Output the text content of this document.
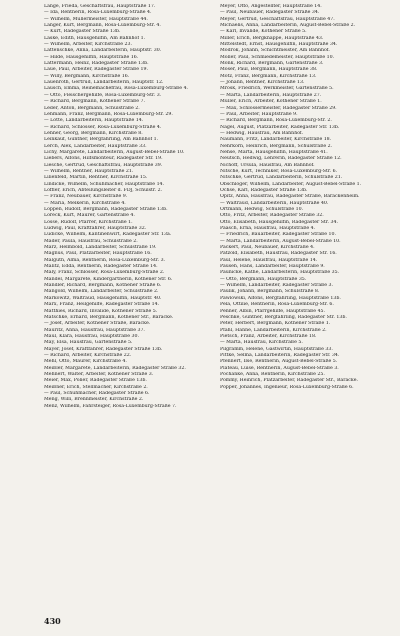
Lange, Frieda, Geschäftsfrau, Hauptstraße 17.
— Ida, Rentnerin, Rosa-Luxemburg-Straße 4.
— Wilhelm, Müllermeister, Hauptstraße 44.
Langer, Kurt, Bergmann, Rosa-Luxemburg-Str. 4.
— Kurt, Radegaster Straße 13b.
Laske, Edith, Hausgehilfin, Am Bahnhof 1.
— Wilhelm, Arbeiter, Kirchstraße 23.
Lattenschke, Anna, Landarbeiterin, Hauptstr. 30.
— Hilde, Hausgehilfin, Hauptstraße 16.
Lattermann, Heinz, Radegaster Straße 13b.
Laue, Paul, Arbeiter, Radegaster Straße 19.
— Willy, Bergmann, Kirchstraße 16.
Lauenroth, Gertrud, Landarbeiterin, Hauptstr. 12.
Lausch, Emma, Reinemachefrau, Rosa-Luxemburg-Straße 4.
— Otto, Fleischergehilfe, Rosa-Luxemburg-Str. 3.
— Richard, Bergmann, Köthener Straße 7.
Leder, Anton, Bergmann, Schulstraße 2.
Lehmann, Franz, Bergmann, Rosa-Luxemburg-Str. 29.
— Lotte, Landarbeiterin, Hauptstraße 14.
— Richard, Schlosser, Rosa-Luxemburg-Straße 4.
Lehner, Georg, Bergmann, Kirchstraße 8.
Leinkauf, Günther, Bergfahrling, Am Bahnhof 1.
Lerch, Alex, Landarbeiter, Hauptstraße 33.
Lichy, Margarete, Landarbeiterin, August-Bebel-Straße 10.
Liebers, Alfons, Hilfsmonteur, Radegaster Str. 19.
Liesche, Gertrud, Geschäftsfrau, Hauptstraße 39.
— Wilhelm, Rentner, Hauptstraße 21.
Lilienfeld, Martin, Rentner, Kirchstraße 15.
Lindicke, Wilhelm, Schuhmacher, Hauptstraße 14.
Löffler, Erich, Abteilungsleiter d. FDJ, Schulstr. 2.
— Franz, Neubauer, Kirchstraße 9.
— Maria, Melkerin, Kirchstraße 4.
Löppen, Rudolf, Bergmann, Radegaster Straße 13b.
Loreck, Kurt, Maurer, Gartenstraße 4.
Losse, Rudolf, Pfarrer, Kirchstraße 1.
Ludwig, Paul, Kraftfahrer, Hauptstraße 32.
Lüdicke, Wilhelm, Kantinenwirt, Radegaster Str. 13a.
Mader, Paula, Hausfrau, Schulstraße 2.
März, Helmbold, Landarbeiter, Schulstraße 19.
Magnus, Paul, Platzarbeiter, Hauptstraße 16.
Malguth, Alma, Rentnerin, Rosa-Luxemburg-Str. 3.
Malitz, Edda, Rentnerin, Radegaster Straße 14.
Maly, Franz, Schlosser, Rosa-Luxemburg-Straße 2.
Mandel, Margarete, Kindergärtnerin, Köthener Str. 6.
Mandler, Richard, Bergmann, Köthener Straße 6.
Mangold, Wilhelm, Landarbeiter, Schulstraße 2.
Markowitz, Waltraud, Hausgehilfin, Hauptstr. 40.
Marx, Franz, Heilgehilfe, Radegaster Straße 14.
Matthies, Richard, Invalide, Köthener Straße 5.
Matschke, Erhard, Bergmann, Köthener Str., Baracke.
— Josef, Arbeiter, Köthener Straße, Baracke.
Mauritz, Anna, Hausfrau, Hauptstraße 37.
Maul, Klara, Hausfrau, Hauptstraße 30.
May, Elsa, Hausfrau, Gartenstraße 5.
Mayer, Josef, Kraftfahrer, Radegaster Straße 13b.
— Richard, Arbeiter, Kirchstraße 22.
Mehl, Otto, Maurer, Kirchstraße 4.
Meißler, Margarete, Landarbeiterin, Radegaster Straße 32.
Mehnert, Walter, Arbeiter, Köthener Straße 3.
Meier, Max, Polier, Radegaster Straße 13b.
Meißner, Erich, Stellmacher, Kirchstraße 2.
— Paul, Schuhmacher, Radegaster Straße 6.
Meng, Willi, Brennmeister, Kirchstraße 2.
Menz, Wilhelm, Fahrsteiger, Rosa-Luxemburg-Straße 7.
Meyer, Otto, Angestellter, Hauptstraße 14.
— Paul, Neubauer, Radegaster Straße 34.
Meyer, Gertrud, Geschäftsfrau, Hauptstraße 47.
Michaelis, Anna, Landarbeiterin, August-Bebel-Straße 2.
— Karl, Invalide, Köthener Straße 5.
Miller, Erich, Bergknappe, Hauptstraße 43.
Mittelstedt, Ernst, Hausgehilfin, Hauptstraße 34.
Modrok, Johann, Schichtmeister, Am Bahnhof.
Möller, Paul, Schmiedemeister, Hauptstraße 10.
Monk, Richard, Bergmann, Gartenstraße 3.
Moser, Paul, Bergmann, Hauptstraße 38.
Motz, Franz, Bergmann, Kirchstraße 13.
— Johann, Rentner, Kirchstraße 13.
Mrosk, Friedrich, Werkmeister, Gartenstraße 5.
— Marta, Landarbeiterin, Hauptstraße 27.
Müller, Erich, Arbeiter, Köthener Straße 1.
— Max, Schlossermeister, Radegaster Straße 29.
— Paul, Arbeiter, Hauptstraße 9.
— Richard, Bergmann, Rosa-Luxemburg-Str. 2.
Nagel, August, Platzarbeiter, Radegaster Str. 13b.
— Hedwig, Hausfrau, Am Bahnhof.
Naumann, Fritz, Landarbeiter, Kirchstraße 18.
Nehrkorn, Heinrich, Bergmann, Schulstraße 2.
Nehse, Marta, Hausgehilfin, Hauptstraße 41.
Neutsch, Hedwig, Lehrerin, Radegaster Straße 12.
Nichoff, Ursula, Hausfrau, Am Bahnhof.
Nitsche, Kurt, Techniker, Rosa-Luxemburg-Str. 6.
Nitschke, Gertrud, Landarbeiterin, Schulstraße 21.
Obschlöger, Wilhelm, Landarbeiter, August-Bebel-Straße 1.
Ochse, Karl, Radegaster Straße 13b.
Opitz, Anna, Hausfrau, Radegaster Straße, Barackenheim.
— Waltraud, Landarbeiterin, Hauptstraße 40.
Ortmann, Hedwig, Schulstraße 10.
Otto, Fritz, Arbeiter, Radegaster Straße 32.
Otto, Elisabeth, Hausgehilfin, Radegaster Str. 34.
Paasch, Erna, Hausfrau, Hauptstraße 4.
— Friedrich, Bauarbeiter, Radegaster Straße 10.
— Marta, Landarbeiterin, August-Bebel-Straße 10.
Packert, Paul, Neubauer, Kirchstraße 4.
Patzold, Elisabeth, Hausfrau, Radegaster Str. 16.
Paul, Helene, Hausfrau, Hauptstraße 14.
Pauseh, Hans, Landarbeiter, Hauptstraße 9.
Paunicke, Käthe, Landarbeiterin, Hauptstraße 35.
— Otto, Bergmann, Hauptstraße 35.
— Wilhelm, Landarbeiter, Radegaster Straße 3.
Paulik, Johann, Bergmann, Schulstraße 8.
Pawlowski, Alfons, Bergfahrling, Hauptstraße 13b.
Pela, Ottilie, Rentnerin, Rosa-Luxemburg-Str. 6.
Penner, Albin, Pfarrgehilfe, Hauptstraße 45.
Peschke, Günther, Bergfahrling, Radegaster Str. 13b.
Peter, Herbert, Bergmann, Köthener Straße 1.
Pfahl, Hanne, Landarbeiterin, Kirchstraße 2.
Pietsch, Franz, Arbeiter, Kirchstraße 18.
— Marta, Hausfrau, Kirchstraße 5.
Pilgramm, Helene, Gastwirtin, Hauptstraße 33.
Pittke, Selma, Landarbeiterin, Radegaster Str. 34.
Pfennert, Ilse, Rentnerin, August-Bebel-Straße 5.
Plateau, Luise, Rentnerin, August-Bebel-Straße 3.
Pochanke, Anna, Rentnerin, Kirchstraße 25.
Pommy, Heinrich, Platzarbeiter, Radegaster Str., Baracke.
Popper, Johannes, Ingenieur, Rosa-Luxemburg-Straße 6.
430
